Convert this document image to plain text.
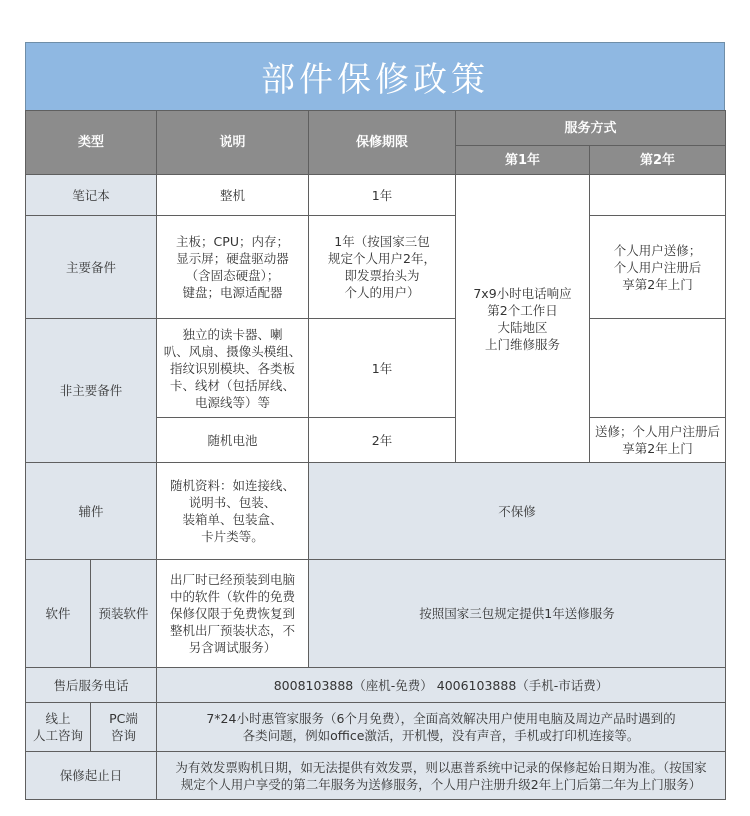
部件保修政策
类型		说明	保修期限	服务方式	
				第1年	第2年
笔记本		整机	1年	7x9小时电话响应
第2个工作日
大陆地区
上门维修服务	
主要备件		主板；CPU；内存；
显示屏；硬盘驱动器
（含固态硬盘）；
键盘；电源适配器	1年（按国家三包
规定个人用户2年，
即发票抬头为
个人的用户）		个人用户送修；
个人用户注册后
享第2年上门
非主要备件		独立的读卡器、喇
叭、风扇、摄像头模组、
指纹识别模块、各类板
卡、线材（包括屏线、
电源线等）等	1年		
		随机电池	2年		送修；个人用户注册后
享第2年上门
辅件		随机资料：如连接线、
说明书、包装、
装箱单、包装盒、
卡片类等。	不保修		
软件	预装软件	出厂时已经预装到电脑
中的软件（软件的免费
保修仅限于免费恢复到
整机出厂预装状态，不
另含调试服务）	按照国家三包规定提供1年送修服务		
售后服务电话		8008103888（座机-免费） 4006103888（手机-市话费）			
线上
人工咨询	PC端
咨询	7*24小时惠管家服务（6个月免费），全面高效解决用户使用电脑及周边产品时遇到的
各类问题，例如office激活，开机慢，没有声音，手机或打印机连接等。			
保修起止日		为有效发票购机日期，如无法提供有效发票，则以惠普系统中记录的保修起始日期为准。（按国家
规定个人用户享受的第二年服务为送修服务，个人用户注册升级2年上门后第二年为上门服务）			
